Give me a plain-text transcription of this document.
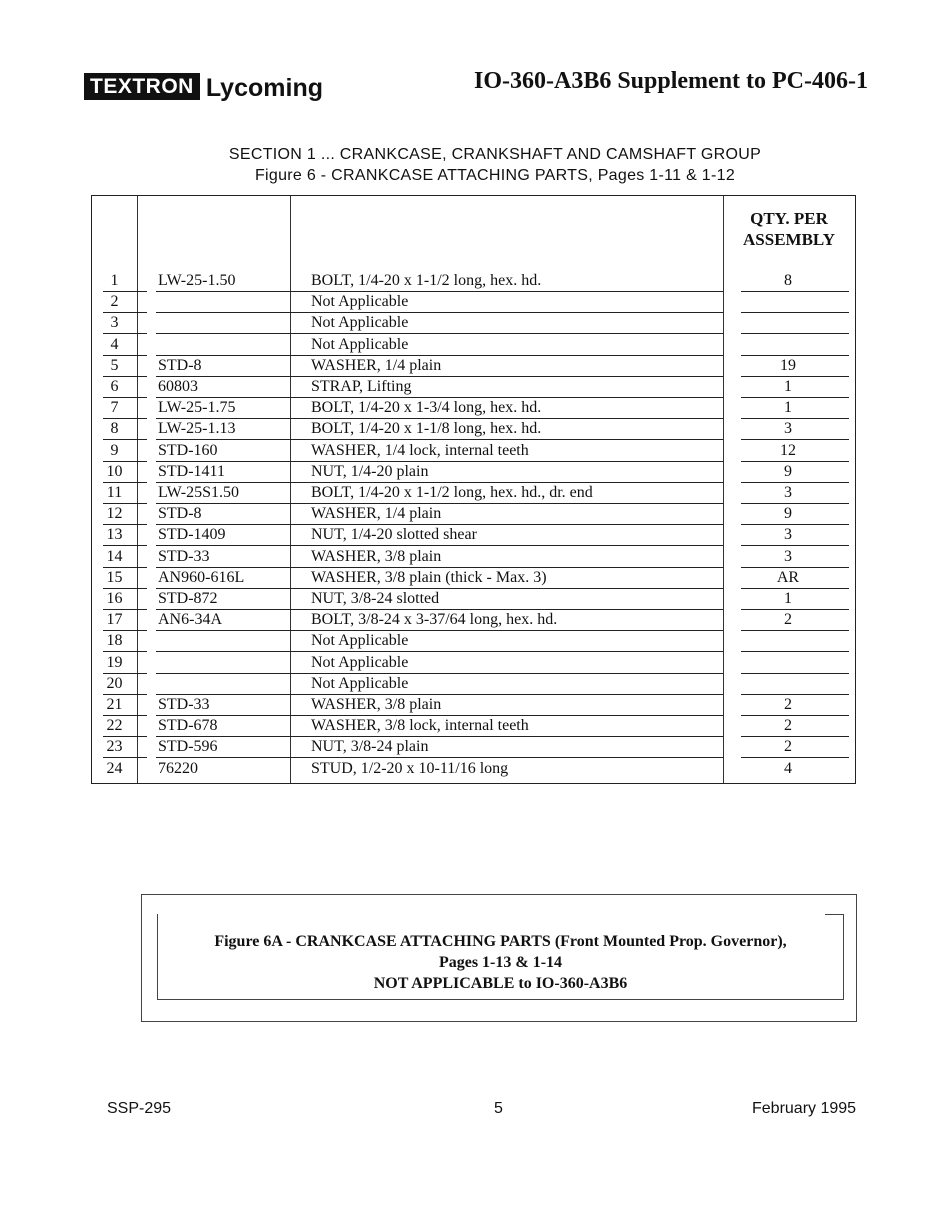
TEXTRON Lycoming	IO-360-A3B6 Supplement to PC-406-1
SECTION 1 ... CRANKCASE, CRANKSHAFT AND CAMSHAFT GROUP
Figure 6 - CRANKCASE ATTACHING PARTS, Pages 1-11 & 1-12
QTY. PER
ASSEMBLY
1	LW-25-1.50	BOLT, 1/4-20 x 1-1/2 long, hex. hd.	8
2	Not Applicable
3	Not Applicable
4	Not Applicable
5	STD-8	WASHER, 1/4 plain	19
6	60803	STRAP, Lifting	1
7	LW-25-1.75	BOLT, 1/4-20 x 1-3/4 long, hex. hd.	1
8	LW-25-1.13	BOLT, 1/4-20 x 1-1/8 long, hex. hd.	3
9	STD-160	WASHER, 1/4 lock, internal teeth	12
10	STD-1411	NUT, 1/4-20 plain	9
11	LW-25S1.50	BOLT, 1/4-20 x 1-1/2 long, hex. hd., dr. end	3
12	STD-8	WASHER, 1/4 plain	9
13	STD-1409	NUT, 1/4-20 slotted shear	3
14	STD-33	WASHER, 3/8 plain	3
15	AN960-616L	WASHER, 3/8 plain (thick - Max. 3)	AR
16	STD-872	NUT, 3/8-24 slotted	1
17	AN6-34A	BOLT, 3/8-24 x 3-37/64 long, hex. hd.	2
18	Not Applicable
19	Not Applicable
20	Not Applicable
21	STD-33	WASHER, 3/8 plain	2
22	STD-678	WASHER, 3/8 lock, internal teeth	2
23	STD-596	NUT, 3/8-24 plain	2
24	76220	STUD, 1/2-20 x 10-11/16 long	4
Figure 6A - CRANKCASE ATTACHING PARTS (Front Mounted Prop. Governor),
Pages 1-13 & 1-14
NOT APPLICABLE to IO-360-A3B6
SSP-295	5	February 1995
